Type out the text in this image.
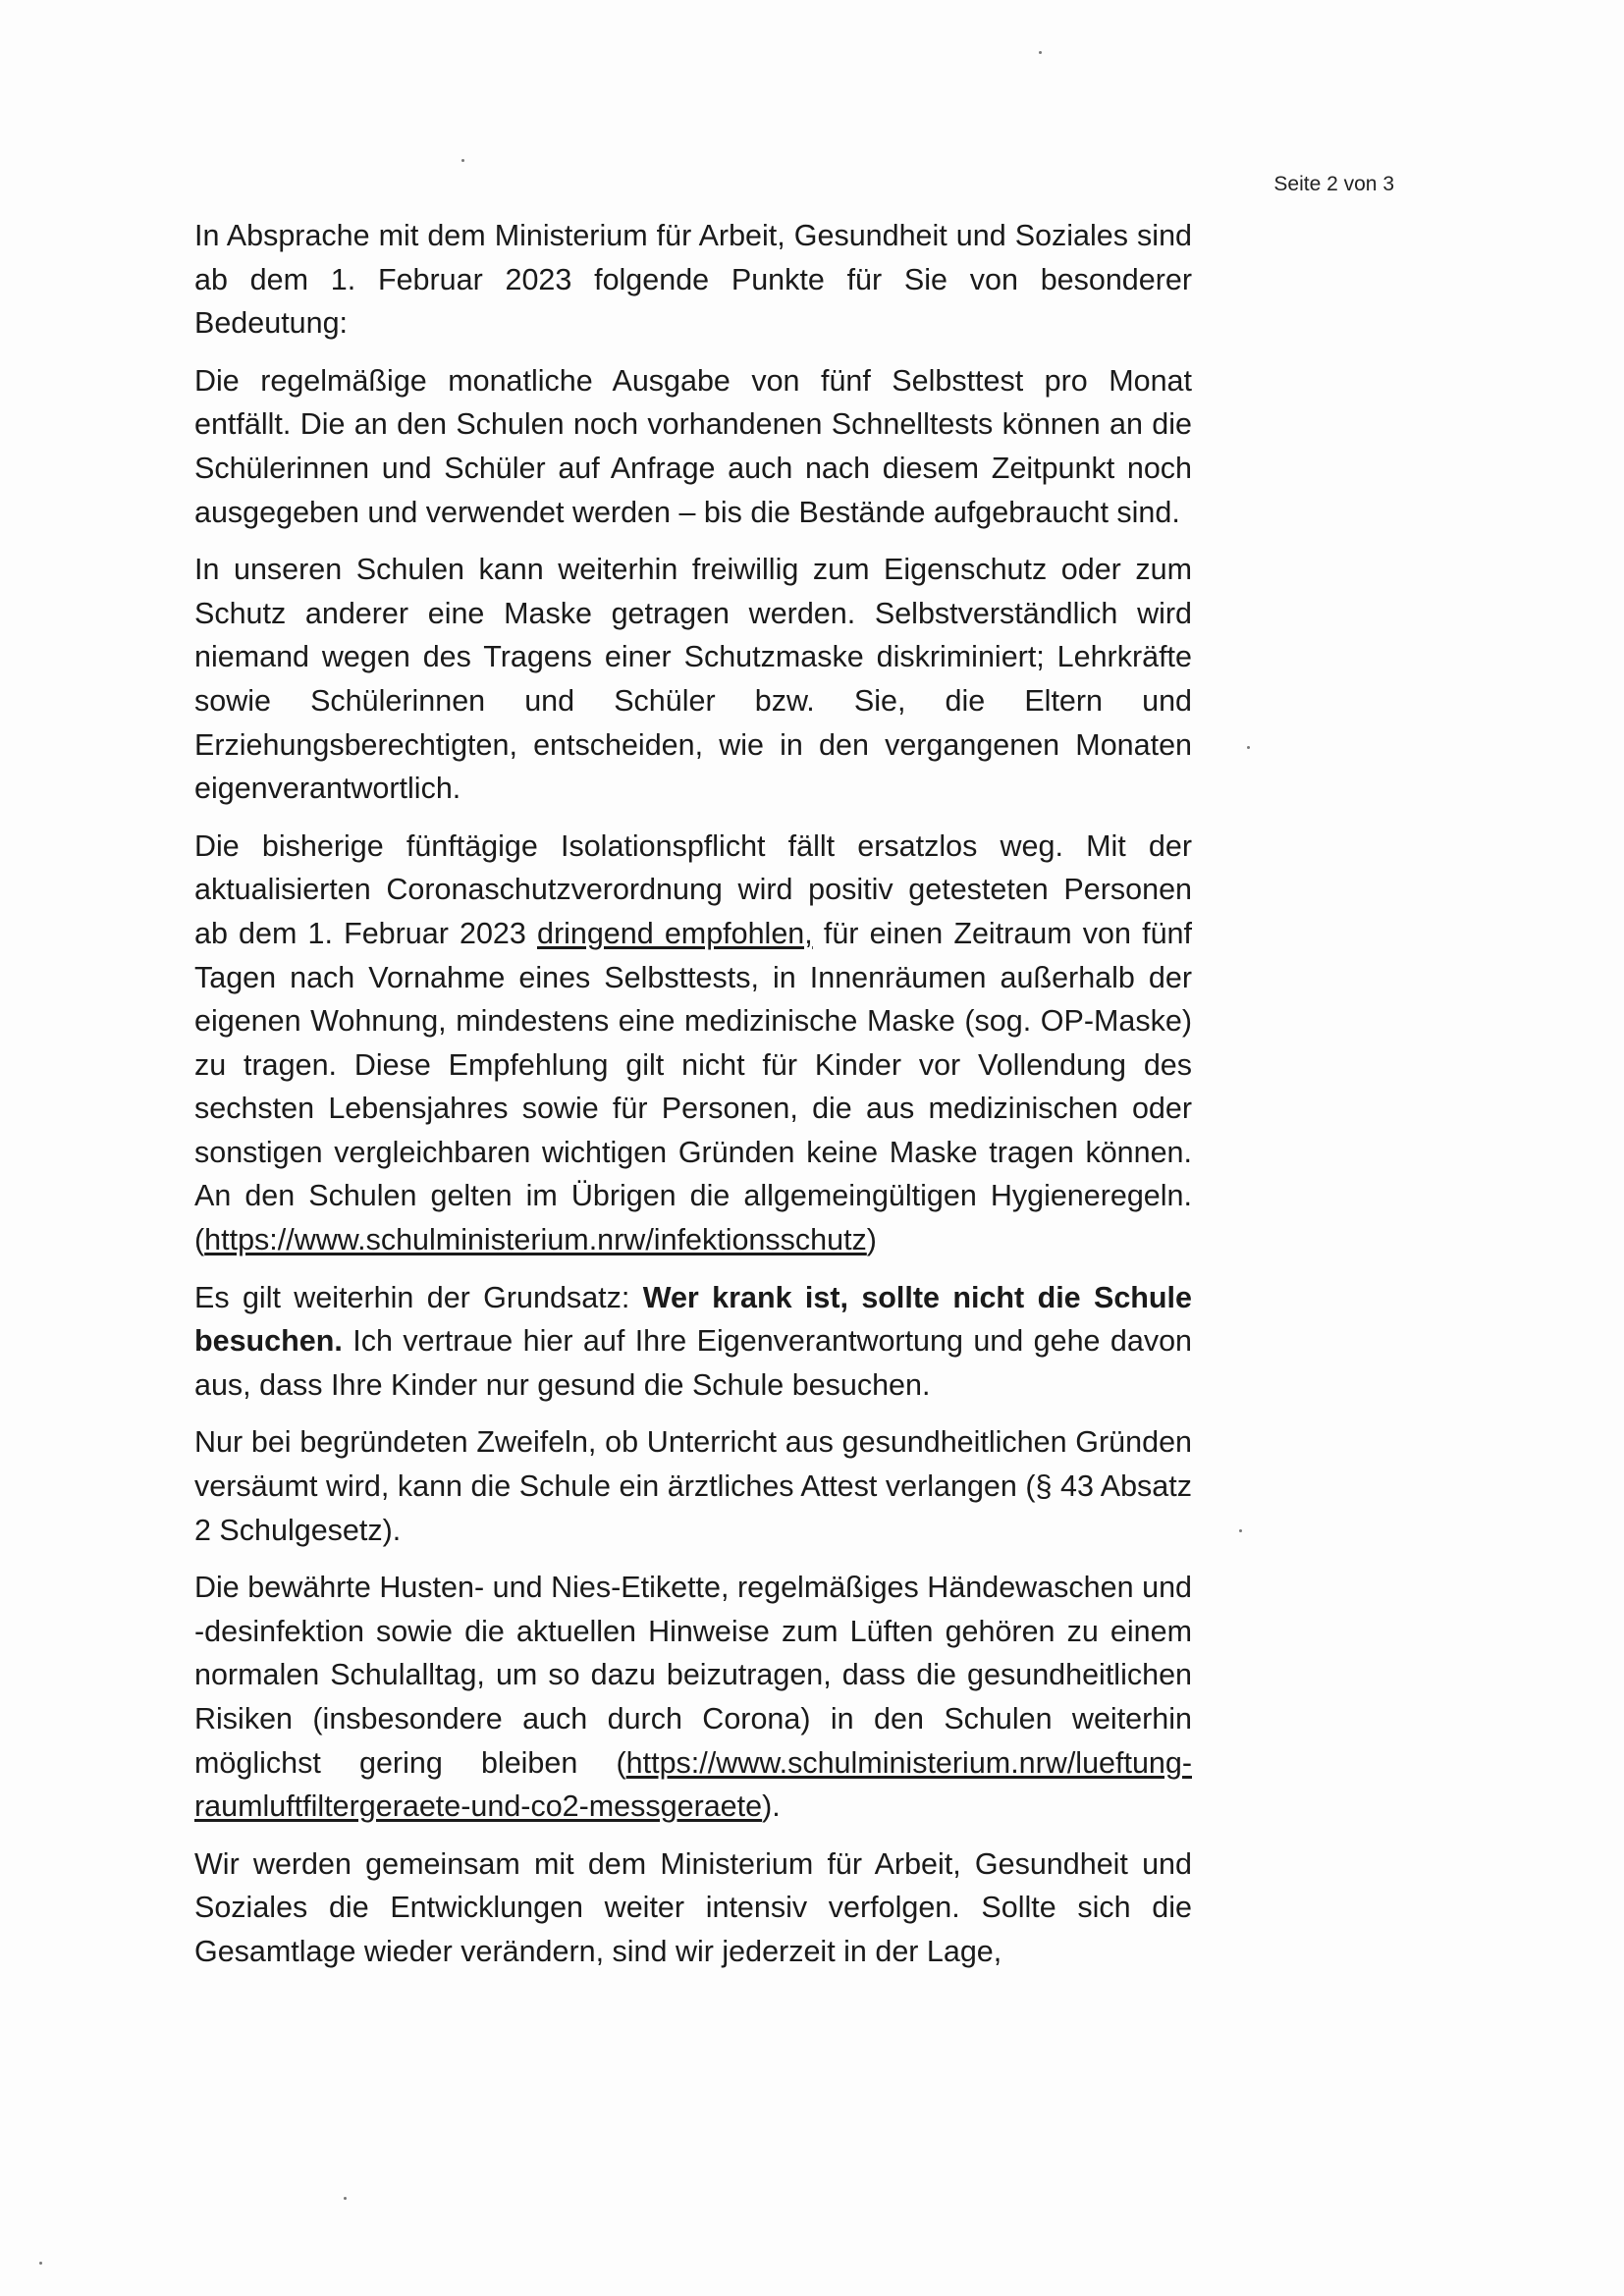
Seite 2 von 3

In Absprache mit dem Ministerium für Arbeit, Gesundheit und Soziales sind ab dem 1. Februar 2023 folgende Punkte für Sie von besonderer Bedeutung:

Die regelmäßige monatliche Ausgabe von fünf Selbsttest pro Monat entfällt. Die an den Schulen noch vorhandenen Schnelltests können an die Schülerinnen und Schüler auf Anfrage auch nach diesem Zeitpunkt noch ausgegeben und verwendet werden – bis die Bestände aufgebraucht sind.

In unseren Schulen kann weiterhin freiwillig zum Eigenschutz oder zum Schutz anderer eine Maske getragen werden. Selbstverständlich wird niemand wegen des Tragens einer Schutzmaske diskriminiert; Lehrkräfte sowie Schülerinnen und Schüler bzw. Sie, die Eltern und Erziehungsberechtigten, entscheiden, wie in den vergangenen Monaten eigenverantwortlich.

Die bisherige fünftägige Isolationspflicht fällt ersatzlos weg. Mit der aktualisierten Coronaschutzverordnung wird positiv getesteten Personen ab dem 1. Februar 2023 dringend empfohlen, für einen Zeitraum von fünf Tagen nach Vornahme eines Selbsttests, in Innenräumen außerhalb der eigenen Wohnung, mindestens eine medizinische Maske (sog. OP-Maske) zu tragen. Diese Empfehlung gilt nicht für Kinder vor Vollendung des sechsten Lebensjahres sowie für Personen, die aus medizinischen oder sonstigen vergleichbaren wichtigen Gründen keine Maske tragen können. An den Schulen gelten im Übrigen die allgemeingültigen Hygieneregeln. (https://www.schulministerium.nrw/infektionsschutz)

Es gilt weiterhin der Grundsatz: Wer krank ist, sollte nicht die Schule besuchen. Ich vertraue hier auf Ihre Eigenverantwortung und gehe davon aus, dass Ihre Kinder nur gesund die Schule besuchen.

Nur bei begründeten Zweifeln, ob Unterricht aus gesundheitlichen Gründen versäumt wird, kann die Schule ein ärztliches Attest verlangen (§ 43 Absatz 2 Schulgesetz).

Die bewährte Husten- und Nies-Etikette, regelmäßiges Händewaschen und -desinfektion sowie die aktuellen Hinweise zum Lüften gehören zu einem normalen Schulalltag, um so dazu beizutragen, dass die gesundheitlichen Risiken (insbesondere auch durch Corona) in den Schulen weiterhin möglichst gering bleiben (https://www.schulministerium.nrw/lueftung-raumluftfiltergeraete-und-co2-messgeraete).

Wir werden gemeinsam mit dem Ministerium für Arbeit, Gesundheit und Soziales die Entwicklungen weiter intensiv verfolgen. Sollte sich die Gesamtlage wieder verändern, sind wir jederzeit in der Lage,
